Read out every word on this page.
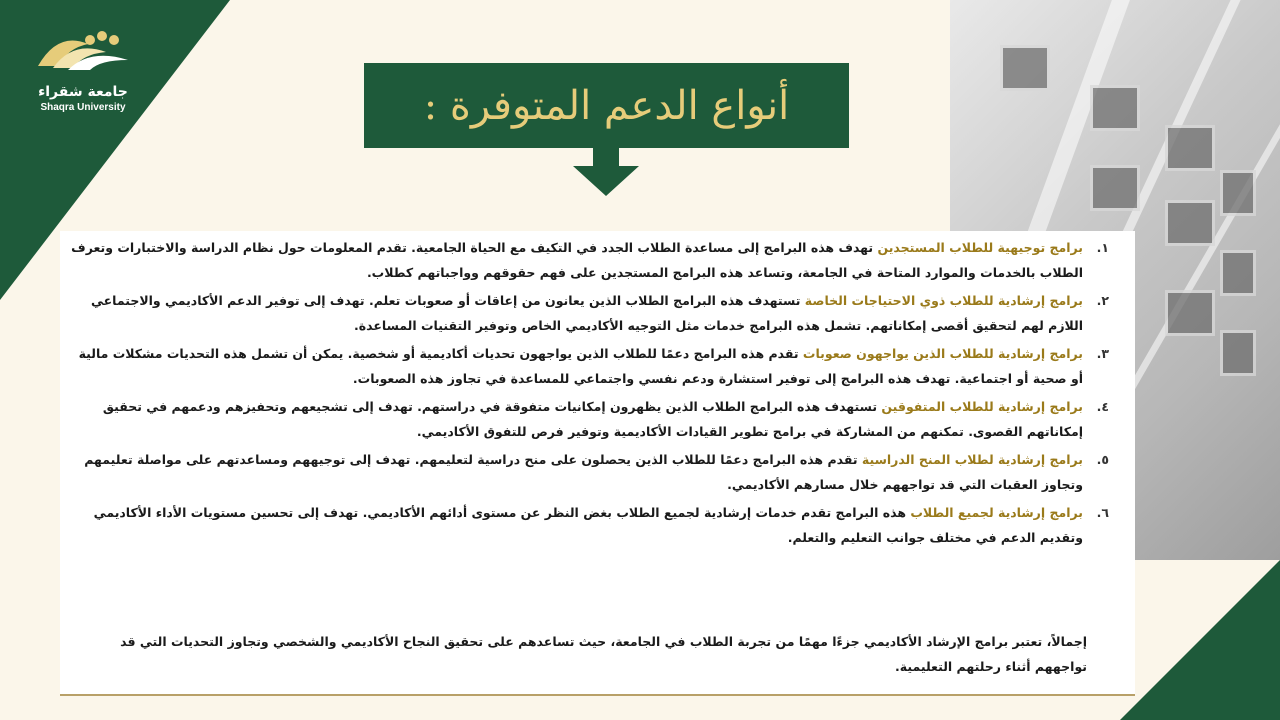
جامعة شقراء
Shaqra University	أنواع الدعم المتوفرة :
١.
برامج توجيهية للطلاب المستجدين تهدف هذه البرامج إلى مساعدة الطلاب الجدد في التكيف مع الحياة الجامعية. تقدم المعلومات حول نظام الدراسة والاختبارات وتعرف الطلاب بالخدمات والموارد المتاحة في الجامعة، وتساعد هذه البرامج المستجدين على فهم حقوقهم وواجباتهم كطلاب.
٢.
برامج إرشادية للطلاب ذوي الاحتياجات الخاصة تستهدف هذه البرامج الطلاب الذين يعانون من إعاقات أو صعوبات تعلم. تهدف إلى توفير الدعم الأكاديمي والاجتماعي اللازم لهم لتحقيق أقصى إمكاناتهم. تشمل هذه البرامج خدمات مثل التوجيه الأكاديمي الخاص وتوفير التقنيات المساعدة.
٣.
برامج إرشادية للطلاب الذين يواجهون صعوبات تقدم هذه البرامج دعمًا للطلاب الذين يواجهون تحديات أكاديمية أو شخصية. يمكن أن تشمل هذه التحديات مشكلات مالية أو صحية أو اجتماعية. تهدف هذه البرامج إلى توفير استشارة ودعم نفسي واجتماعي للمساعدة في تجاوز هذه الصعوبات.
٤.
برامج إرشادية للطلاب المتفوقين تستهدف هذه البرامج الطلاب الذين يظهرون إمكانيات متفوقة في دراستهم. تهدف إلى تشجيعهم وتحفيزهم ودعمهم في تحقيق إمكاناتهم القصوى. تمكنهم من المشاركة في برامج تطوير القيادات الأكاديمية وتوفير فرص للتفوق الأكاديمي.
٥.
برامج إرشادية لطلاب المنح الدراسية تقدم هذه البرامج دعمًا للطلاب الذين يحصلون على منح دراسية لتعليمهم. تهدف إلى توجيههم ومساعدتهم على مواصلة تعليمهم وتجاوز العقبات التي قد تواجههم خلال مسارهم الأكاديمي.
٦.
برامج إرشادية لجميع الطلاب هذه البرامج تقدم خدمات إرشادية لجميع الطلاب بغض النظر عن مستوى أدائهم الأكاديمي. تهدف إلى تحسين مستويات الأداء الأكاديمي وتقديم الدعم في مختلف جوانب التعليم والتعلم.
إجمالاً، تعتبر برامج الإرشاد الأكاديمي جزءًا مهمًا من تجربة الطلاب في الجامعة، حيث تساعدهم على تحقيق النجاح الأكاديمي والشخصي وتجاوز التحديات التي قد تواجههم أثناء رحلتهم التعليمية.
